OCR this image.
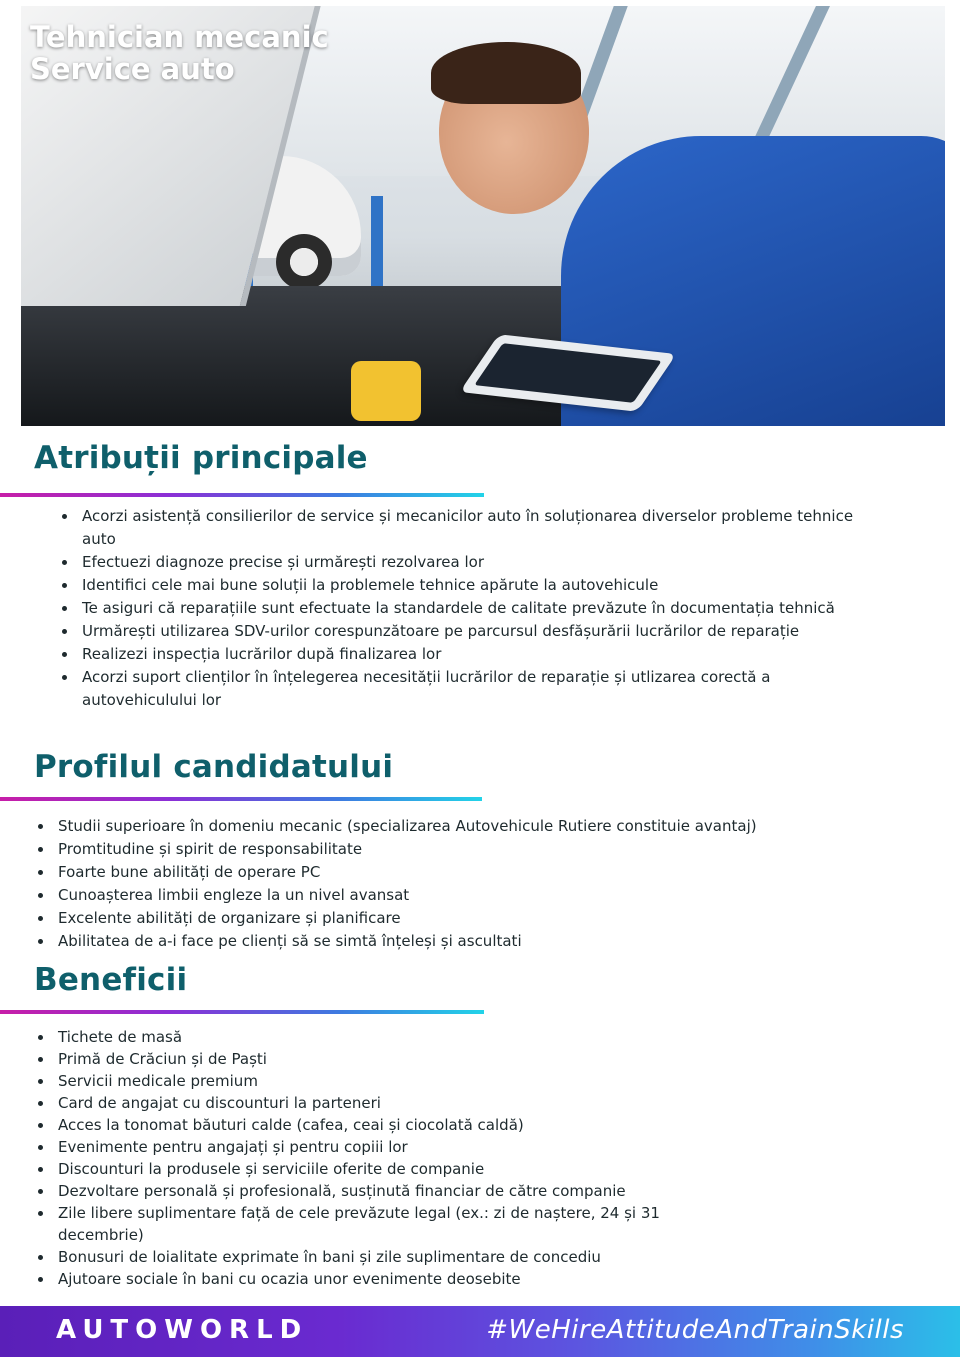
Tehnician mecanic
Service auto
Atribuții principale
Acorzi asistență consilierilor de service și mecanicilor auto în soluționarea diverselor probleme tehnice auto
Efectuezi diagnoze precise și urmărești rezolvarea lor
Identifici cele mai bune soluții la problemele tehnice apărute la autovehicule
Te asiguri că reparațiile sunt efectuate la standardele de calitate prevăzute în documentația tehnică
Urmărești utilizarea SDV-urilor corespunzătoare pe parcursul desfășurării lucrărilor de reparație
Realizezi inspecția lucrărilor după finalizarea lor
Acorzi suport clienților în înțelegerea necesității lucrărilor de reparație și utlizarea corectă a autovehiculului lor
Profilul candidatului
Studii superioare în domeniu mecanic (specializarea Autovehicule Rutiere constituie avantaj)
Promtitudine și spirit de responsabilitate
Foarte bune abilități de operare PC
Cunoașterea limbii engleze la un nivel avansat
Excelente abilități de organizare și planificare
Abilitatea de a-i face pe clienți să se simtă înțeleși și ascultati
Beneficii
Tichete de masă
Primă de Crăciun și de Paști
Servicii medicale premium
Card de angajat cu discounturi la parteneri
Acces la tonomat băuturi calde (cafea, ceai și ciocolată caldă)
Evenimente pentru angajați și pentru copiii lor
Discounturi la produsele și serviciile oferite de companie
Dezvoltare personală și profesională, susținută financiar de către companie
Zile libere suplimentare față de cele prevăzute legal (ex.: zi de naștere, 24 și 31 decembrie)
Bonusuri de loialitate exprimate în bani și zile suplimentare de concediu
Ajutoare sociale în bani cu ocazia unor evenimente deosebite
AUTOWORLD	#WeHireAttitudeAndTrainSkills
